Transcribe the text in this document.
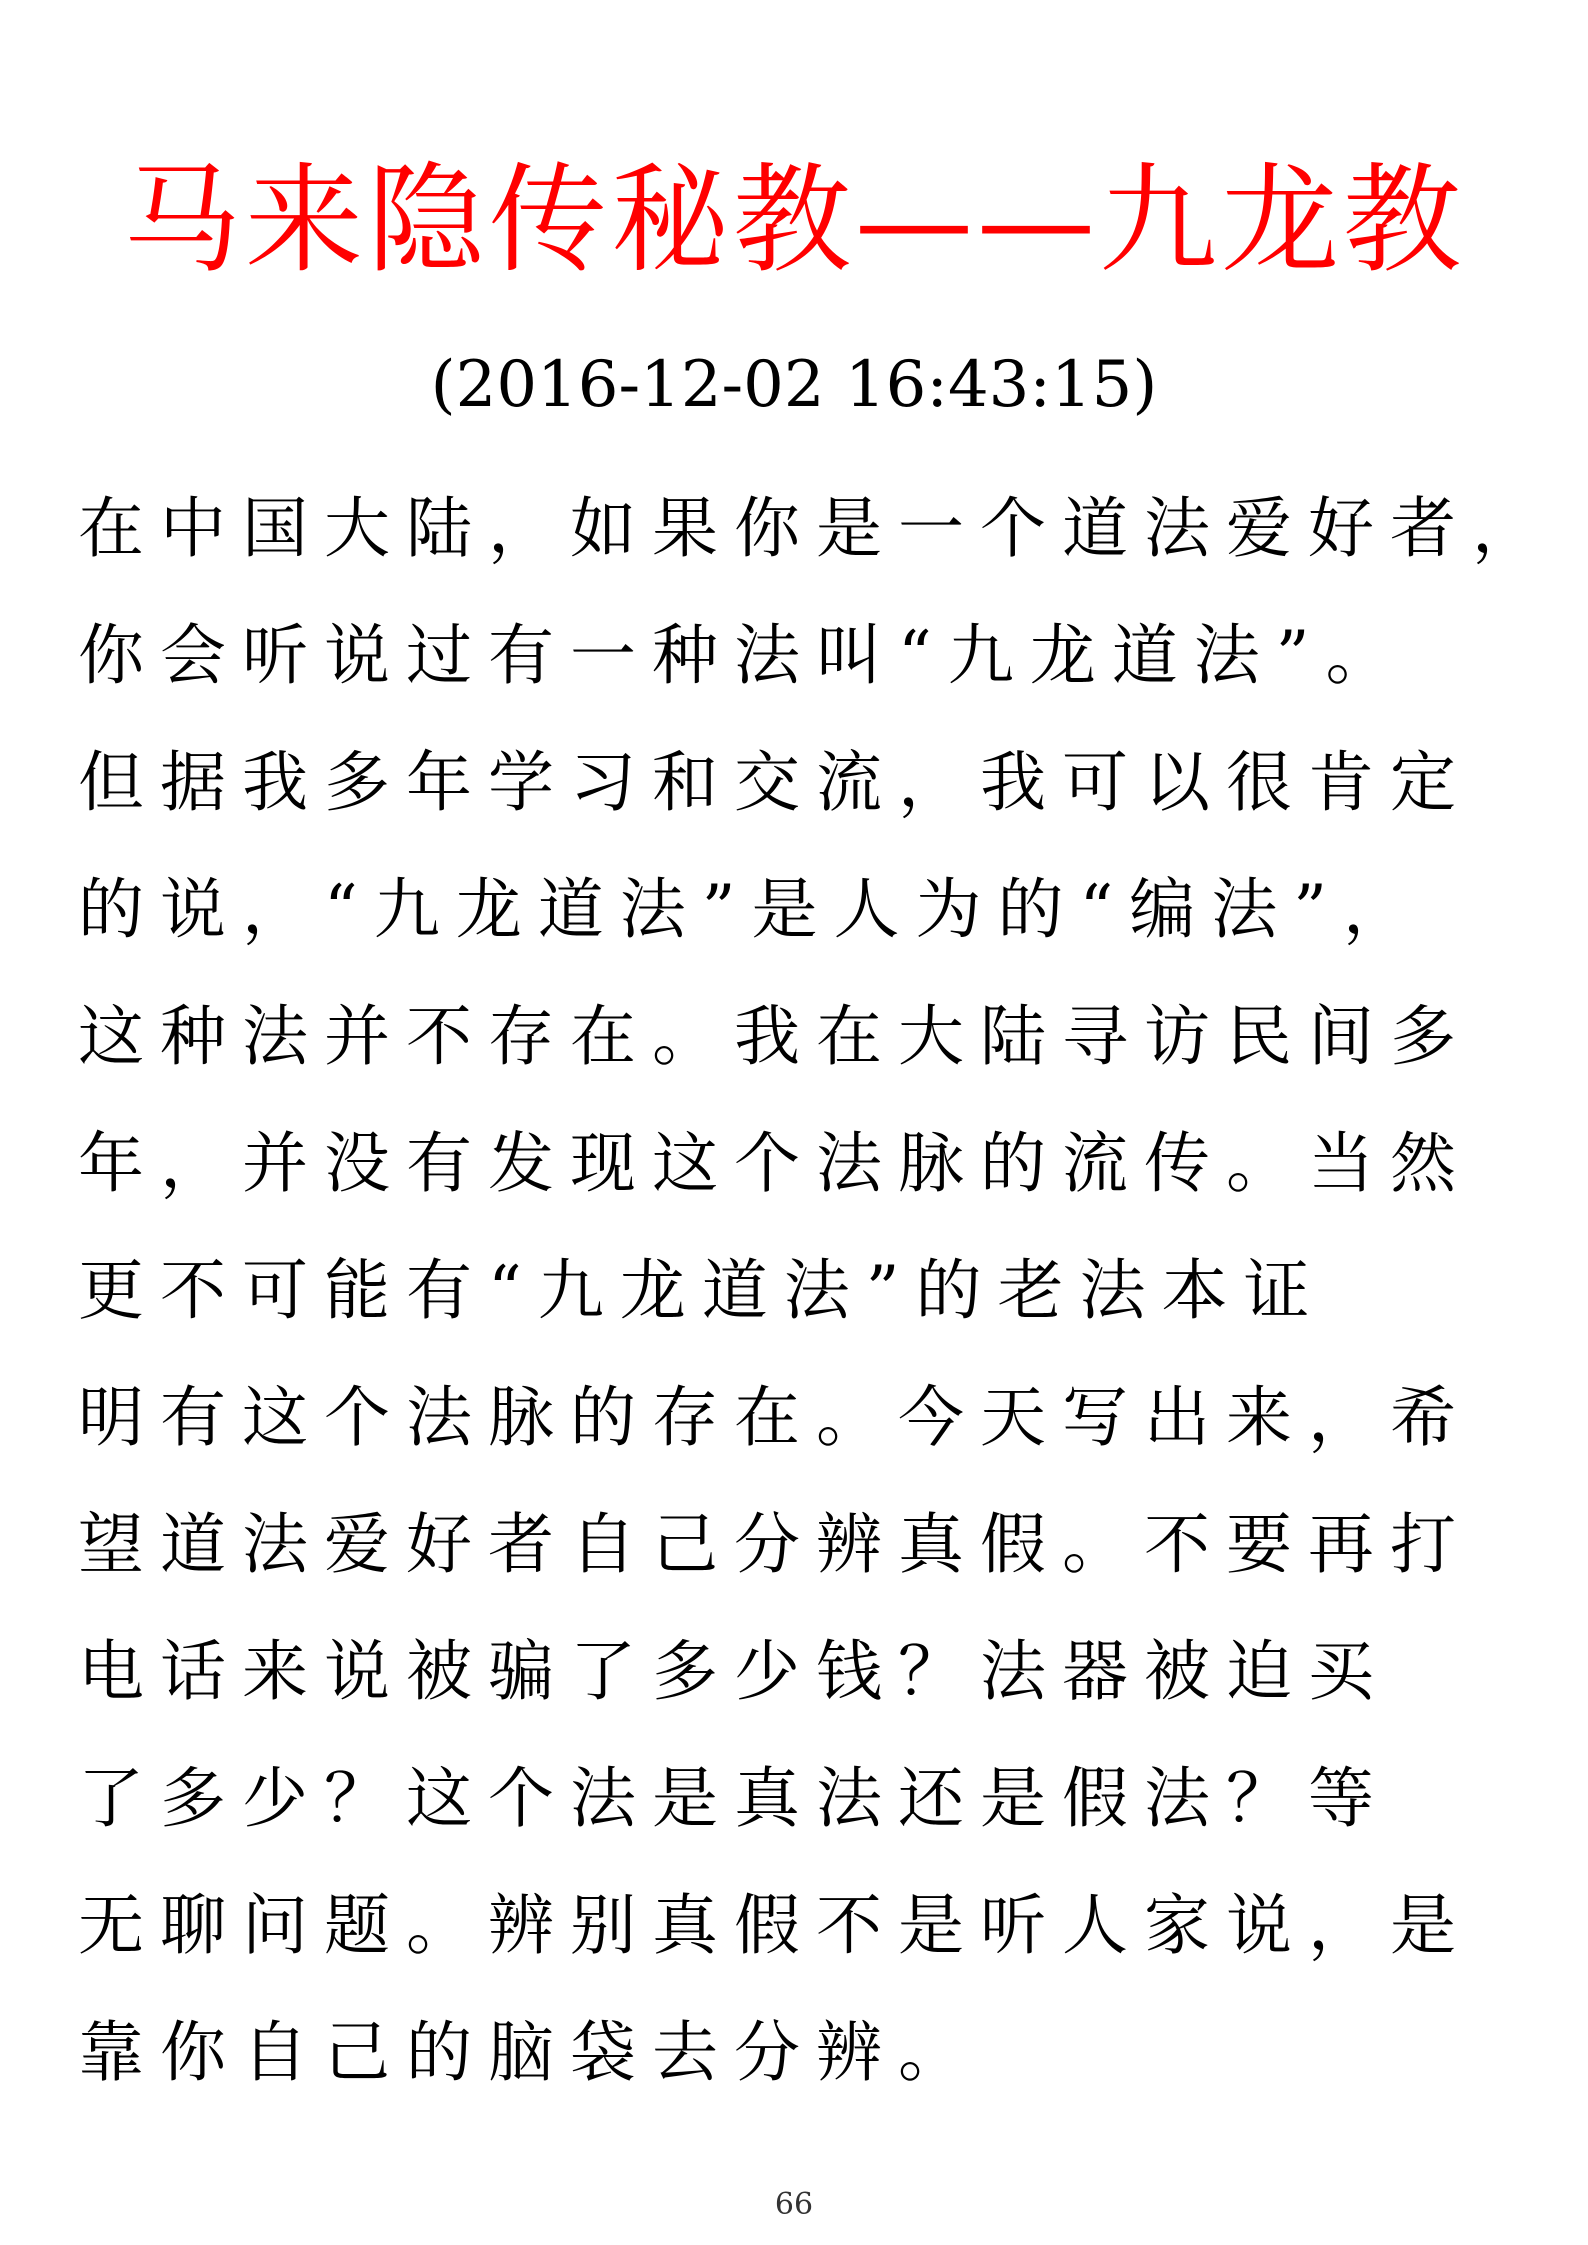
马来隐传秘教——九龙教
(2016-12-02 16:43:15)
在中国大陆，如果你是一个道法爱好者，
你会听说过有一种法叫“九龙道法”。
但据我多年学习和交流，我可以很肯定
的说，“九龙道法”是人为的“编法”，
这种法并不存在。我在大陆寻访民间多
年，并没有发现这个法脉的流传。当然
更不可能有“九龙道法”的老法本证
明有这个法脉的存在。今天写出来，希
望道法爱好者自己分辨真假。不要再打
电话来说被骗了多少钱？法器被迫买
了多少？这个法是真法还是假法？等
无聊问题。辨别真假不是听人家说，是
靠你自己的脑袋去分辨。
66
